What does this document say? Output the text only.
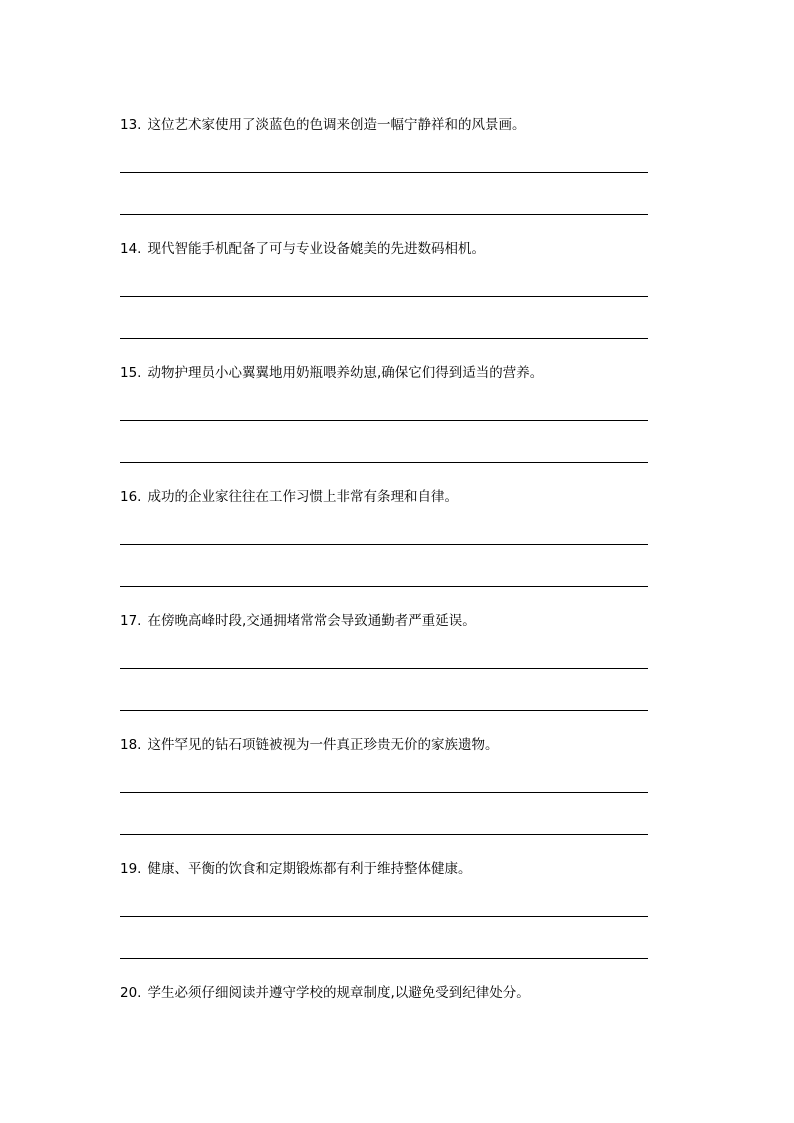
13. 这位艺术家使用了淡蓝色的色调来创造一幅宁静祥和的风景画。
14. 现代智能手机配备了可与专业设备媲美的先进数码相机。
15. 动物护理员小心翼翼地用奶瓶喂养幼崽,确保它们得到适当的营养。
16. 成功的企业家往往在工作习惯上非常有条理和自律。
17. 在傍晚高峰时段,交通拥堵常常会导致通勤者严重延误。
18. 这件罕见的钻石项链被视为一件真正珍贵无价的家族遗物。
19. 健康、平衡的饮食和定期锻炼都有利于维持整体健康。
20. 学生必须仔细阅读并遵守学校的规章制度,以避免受到纪律处分。
